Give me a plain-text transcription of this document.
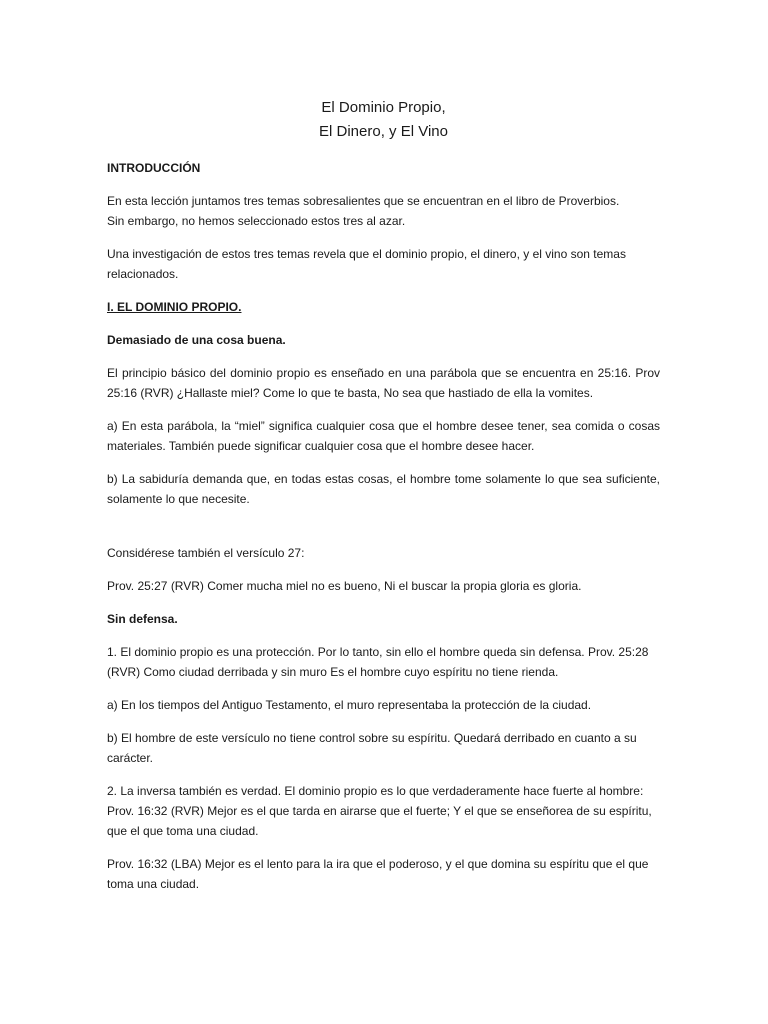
El Dominio Propio,
El Dinero, y El Vino

INTRODUCCIÓN

En esta lección juntamos tres temas sobresalientes que se encuentran en el libro de Proverbios.
Sin embargo, no hemos seleccionado estos tres al azar.

Una investigación de estos tres temas revela que el dominio propio, el dinero, y el vino son temas relacionados.

I. EL DOMINIO PROPIO.

Demasiado de una cosa buena.

El principio básico del dominio propio es enseñado en una parábola que se encuentra en 25:16. Prov 25:16 (RVR) ¿Hallaste miel? Come lo que te basta, No sea que hastiado de ella la vomites.

a) En esta parábola, la “miel” significa cualquier cosa que el hombre desee tener, sea comida o cosas materiales. También puede significar cualquier cosa que el hombre desee hacer.

b) La sabiduría demanda que, en todas estas cosas, el hombre tome solamente lo que sea suficiente, solamente lo que necesite.

Considérese también el versículo 27:

Prov. 25:27 (RVR) Comer mucha miel no es bueno, Ni el buscar la propia gloria es gloria.

Sin defensa.

1. El dominio propio es una protección. Por lo tanto, sin ello el hombre queda sin defensa. Prov. 25:28 (RVR) Como ciudad derribada y sin muro Es el hombre cuyo espíritu no tiene rienda.

a) En los tiempos del Antiguo Testamento, el muro representaba la protección de la ciudad.

b) El hombre de este versículo no tiene control sobre su espíritu. Quedará derribado en cuanto a su carácter.

2. La inversa también es verdad. El dominio propio es lo que verdaderamente hace fuerte al hombre: Prov. 16:32 (RVR) Mejor es el que tarda en airarse que el fuerte; Y el que se enseñorea de su espíritu, que el que toma una ciudad.

Prov. 16:32 (LBA) Mejor es el lento para la ira que el poderoso, y el que domina su espíritu que el que toma una ciudad.
